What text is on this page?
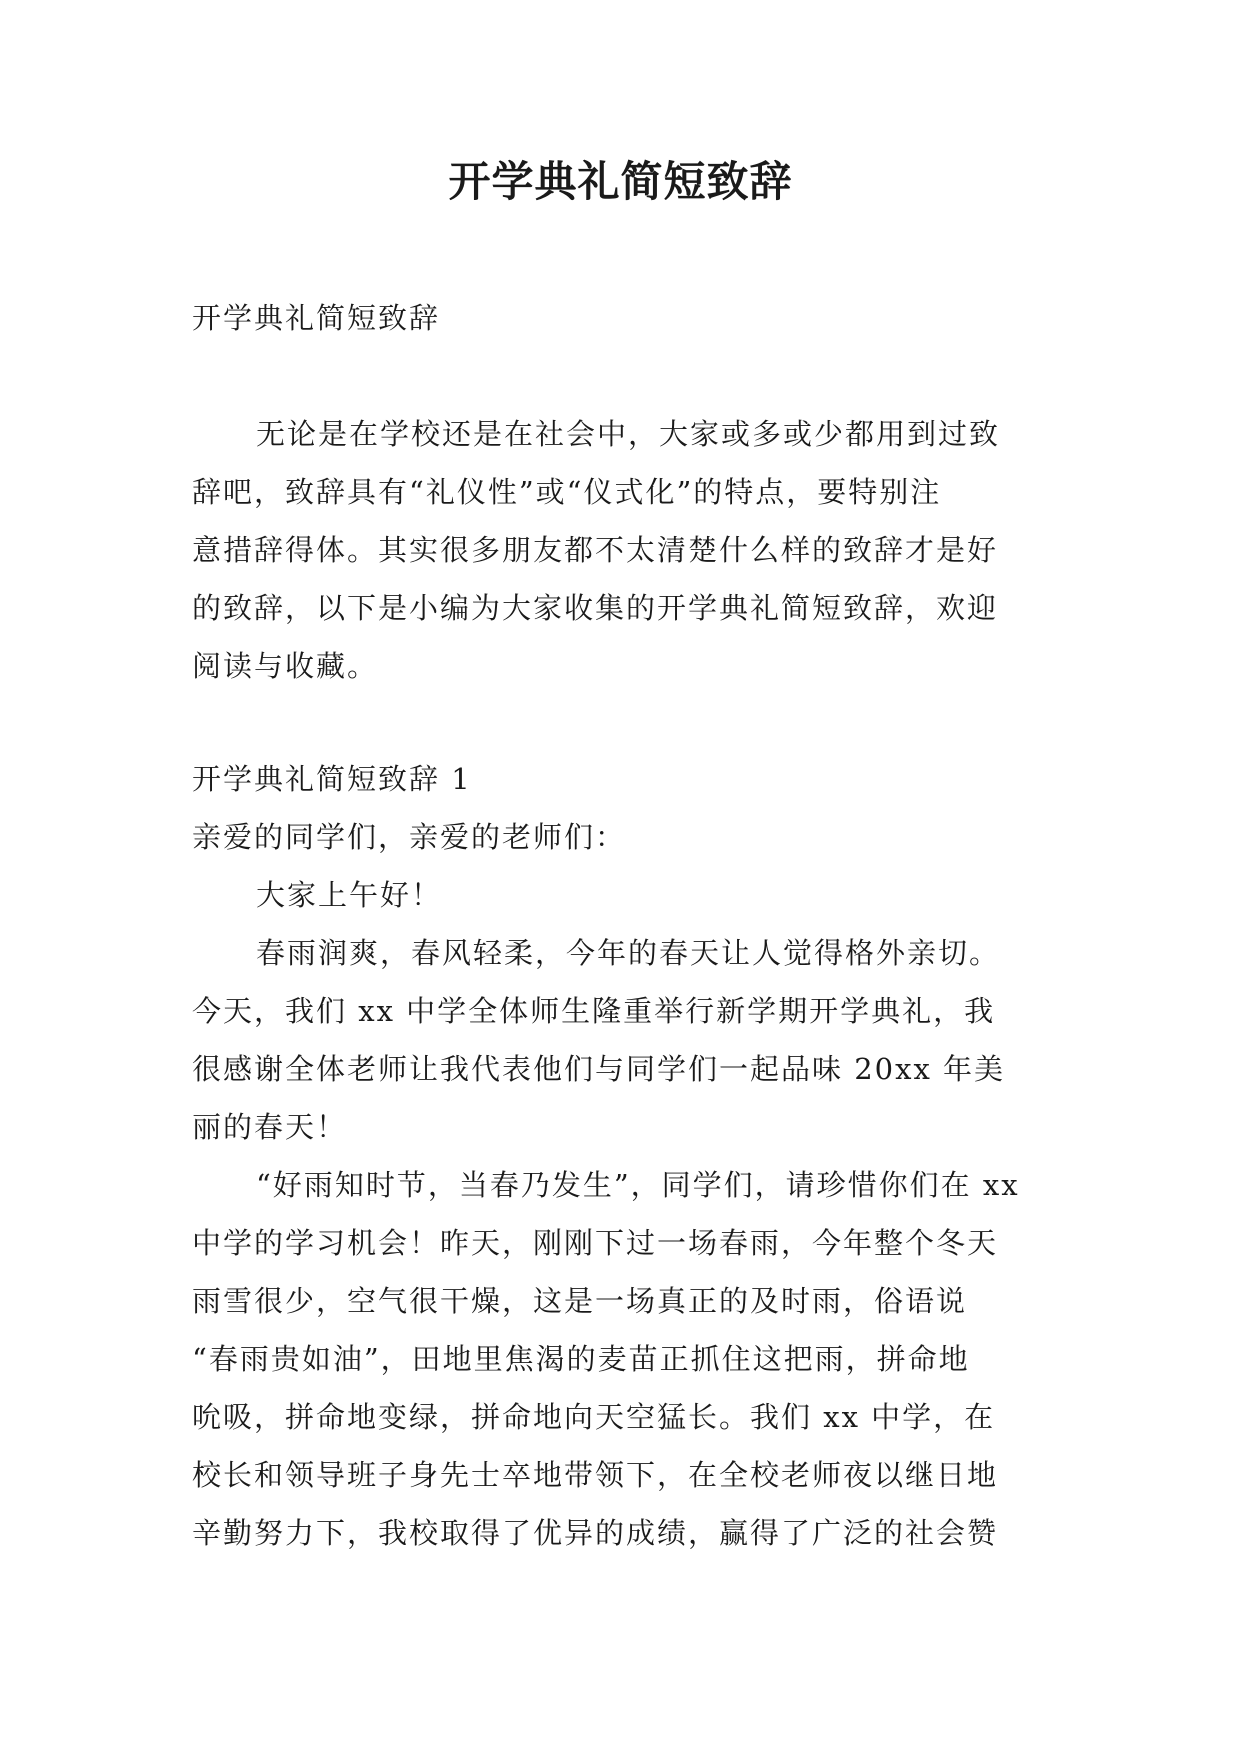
开学典礼简短致辞

开学典礼简短致辞

无论是在学校还是在社会中，大家或多或少都用到过致

辞吧，致辞具有“礼仪性”或“仪式化”的特点，要特别注

意措辞得体。其实很多朋友都不太清楚什么样的致辞才是好

的致辞，以下是小编为大家收集的开学典礼简短致辞，欢迎

阅读与收藏。

开学典礼简短致辞 1

亲爱的同学们，亲爱的老师们：

大家上午好！

春雨润爽，春风轻柔，今年的春天让人觉得格外亲切。

今天，我们 xx 中学全体师生隆重举行新学期开学典礼，我

很感谢全体老师让我代表他们与同学们一起品味 20xx 年美

丽的春天！

“好雨知时节，当春乃发生”，同学们，请珍惜你们在 xx

中学的学习机会！昨天，刚刚下过一场春雨，今年整个冬天

雨雪很少，空气很干燥，这是一场真正的及时雨，俗语说

“春雨贵如油”，田地里焦渴的麦苗正抓住这把雨，拼命地

吮吸，拼命地变绿，拼命地向天空猛长。我们 xx 中学，在

校长和领导班子身先士卒地带领下，在全校老师夜以继日地

辛勤努力下，我校取得了优异的成绩，赢得了广泛的社会赞
